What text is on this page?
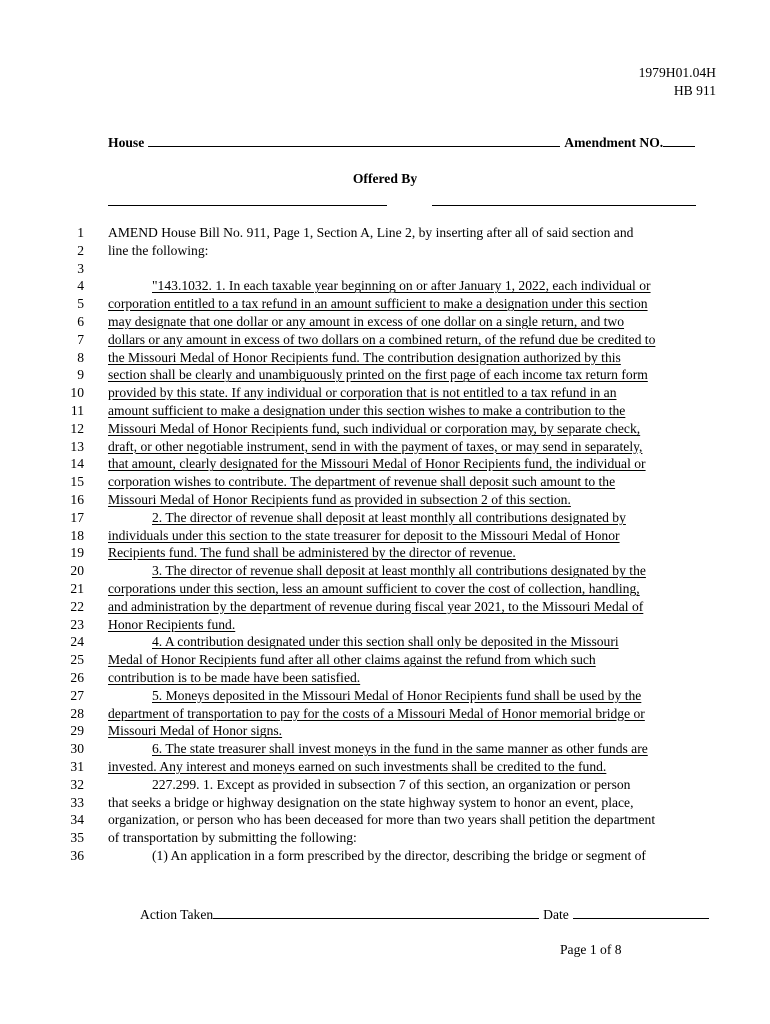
1979H01.04H
HB 911
House	Amendment NO.
Offered By
1 AMEND House Bill No. 911, Page 1, Section A, Line 2, by inserting after all of said section and
2 line the following:
3
4	"143.1032. 1. In each taxable year beginning on or after January 1, 2022, each individual or
5 corporation entitled to a tax refund in an amount sufficient to make a designation under this section
6 may designate that one dollar or any amount in excess of one dollar on a single return, and two
7 dollars or any amount in excess of two dollars on a combined return, of the refund due be credited to
8 the Missouri Medal of Honor Recipients fund. The contribution designation authorized by this
9 section shall be clearly and unambiguously printed on the first page of each income tax return form
10 provided by this state. If any individual or corporation that is not entitled to a tax refund in an
11 amount sufficient to make a designation under this section wishes to make a contribution to the
12 Missouri Medal of Honor Recipients fund, such individual or corporation may, by separate check,
13 draft, or other negotiable instrument, send in with the payment of taxes, or may send in separately,
14 that amount, clearly designated for the Missouri Medal of Honor Recipients fund, the individual or
15 corporation wishes to contribute. The department of revenue shall deposit such amount to the
16 Missouri Medal of Honor Recipients fund as provided in subsection 2 of this section.
17	2. The director of revenue shall deposit at least monthly all contributions designated by
18 individuals under this section to the state treasurer for deposit to the Missouri Medal of Honor
19 Recipients fund. The fund shall be administered by the director of revenue.
20	3. The director of revenue shall deposit at least monthly all contributions designated by the
21 corporations under this section, less an amount sufficient to cover the cost of collection, handling,
22 and administration by the department of revenue during fiscal year 2021, to the Missouri Medal of
23 Honor Recipients fund.
24	4. A contribution designated under this section shall only be deposited in the Missouri
25 Medal of Honor Recipients fund after all other claims against the refund from which such
26 contribution is to be made have been satisfied.
27	5. Moneys deposited in the Missouri Medal of Honor Recipients fund shall be used by the
28 department of transportation to pay for the costs of a Missouri Medal of Honor memorial bridge or
29 Missouri Medal of Honor signs.
30	6. The state treasurer shall invest moneys in the fund in the same manner as other funds are
31 invested. Any interest and moneys earned on such investments shall be credited to the fund.
32	227.299. 1. Except as provided in subsection 7 of this section, an organization or person
33 that seeks a bridge or highway designation on the state highway system to honor an event, place,
34 organization, or person who has been deceased for more than two years shall petition the department
35 of transportation by submitting the following:
36	(1) An application in a form prescribed by the director, describing the bridge or segment of
Action Taken	Date
Page 1 of 8
